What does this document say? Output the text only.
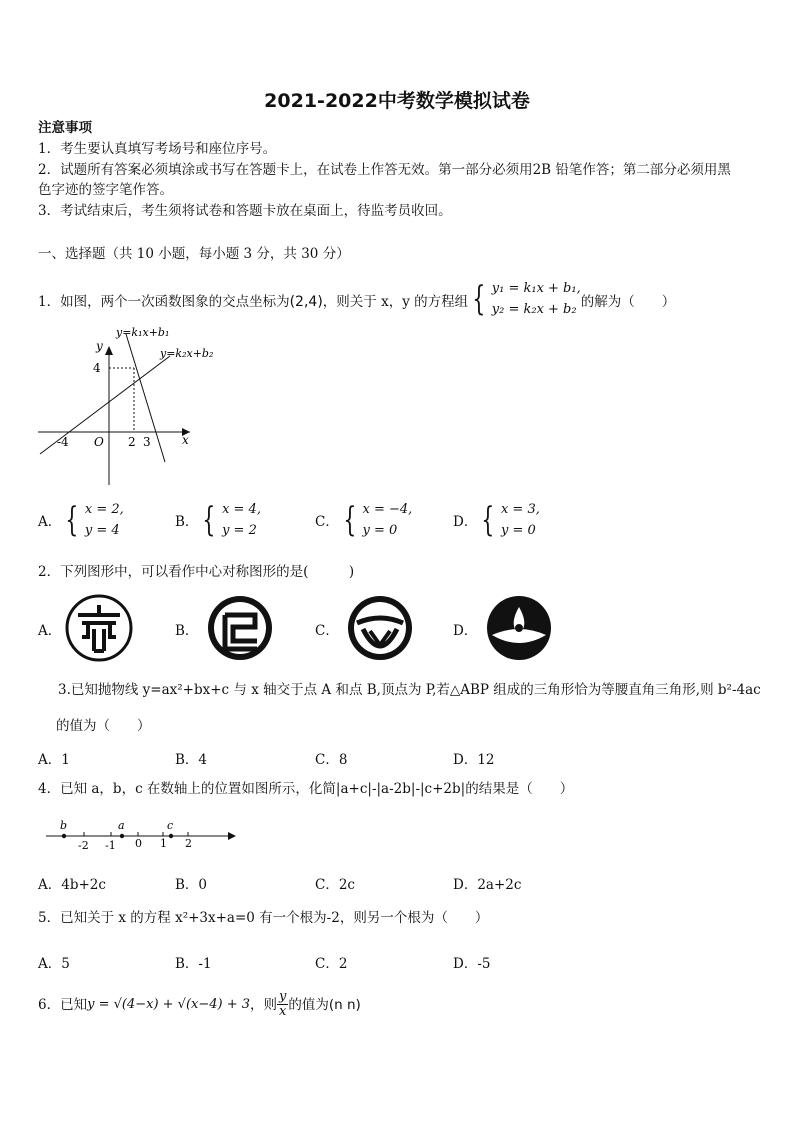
2021-2022中考数学模拟试卷
注意事项
1．考生要认真填写考场号和座位序号。
2．试题所有答案必须填涂或书写在答题卡上，在试卷上作答无效。第一部分必须用2B 铅笔作答；第二部分必须用黑
色字迹的签字笔作答。
3．考试结束后，考生须将试卷和答题卡放在桌面上，待监考员收回。
一、选择题（共 10 小题，每小题 3 分，共 30 分）
1．如图，两个一次函数图象的交点坐标为 (2,4) ，则关于 x，y 的方程组 { y₁ = k₁x + b₁,
y₂ = k₂x + b₂ 的解为（　　）
y=k₁x+b₁
y=k₂x+b₂
y
x
O
4
-4	2 3
A． { x = 2,
y = 4
B． { x = 4,
y = 2
C． { x = −4,
y = 0
D． { x = 3,
y = 0
2．下列图形中，可以看作中心对称图形的是(　　　)
A．	B．	C．	D．
3.已知抛物线 y=ax²+bx+c 与 x 轴交于点 A 和点 B,顶点为 P,若△ABP 组成的三角形恰为等腰直角三角形,则 b²-4ac
的值为（　　）
A．1	B．4	C．8	D．12
4．已知 a，b，c 在数轴上的位置如图所示，化简|a+c|-|a-2b|-|c+2b|的结果是（　　）
b	a	c
-2 -1 0 1 2
A．4b+2c	B．0	C．2c	D．2a+2c
5．已知关于 x 的方程 x²+3x+a=0 有一个根为-2，则另一个根为（　　）
A．5	B．-1	C．2	D．-5
6．已知 y = √(4−x) + √(x−4) + 3 ，则 $\frac{y}{x}$ 的值为 (n n)
